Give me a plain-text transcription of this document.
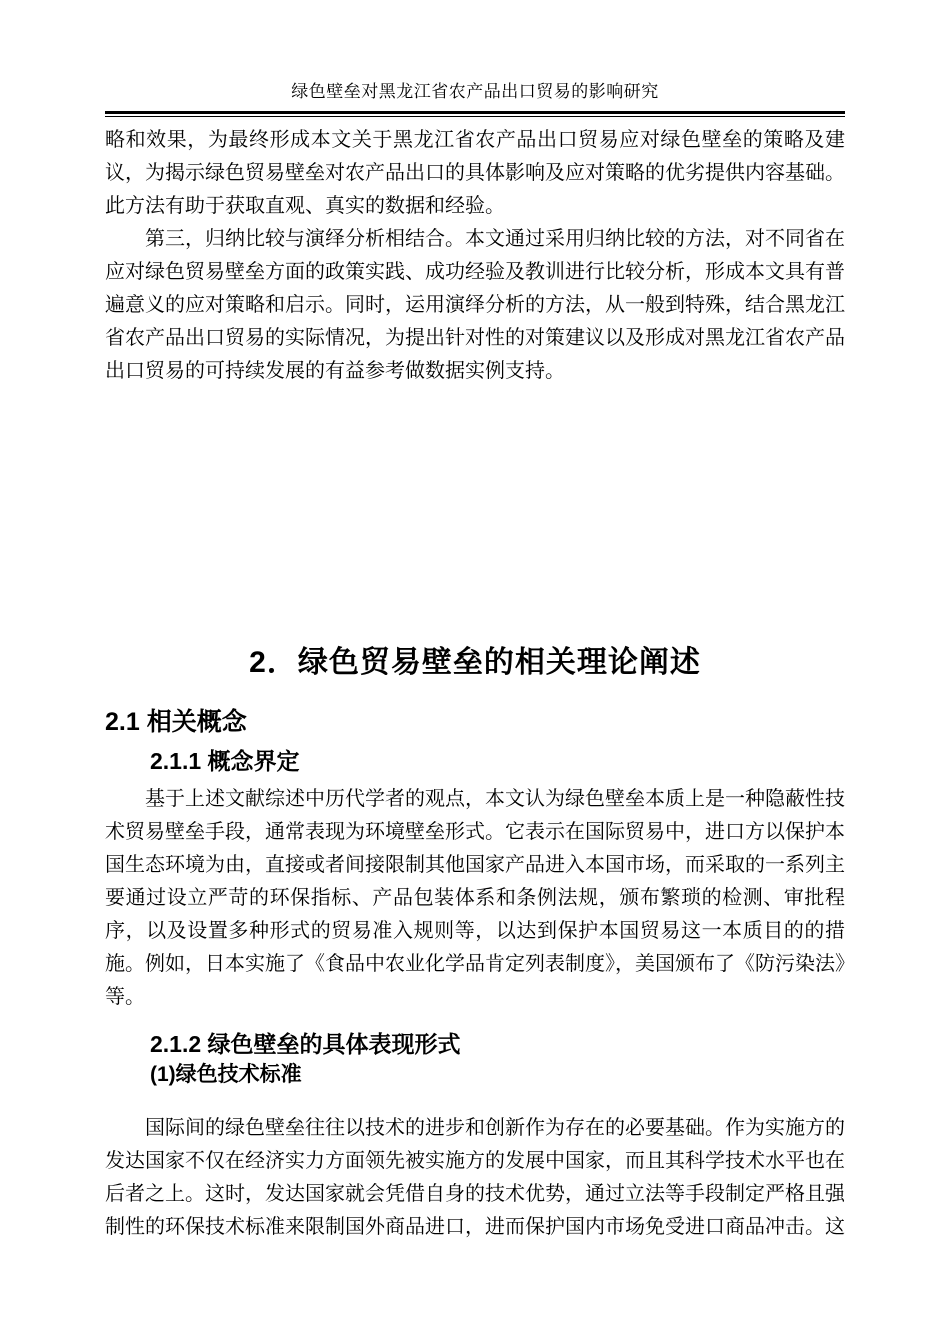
绿色壁垒对黑龙江省农产品出口贸易的影响研究

略和效果，为最终形成本文关于黑龙江省农产品出口贸易应对绿色壁垒的策略及建议，为揭示绿色贸易壁垒对农产品出口的具体影响及应对策略的优劣提供内容基础。此方法有助于获取直观、真实的数据和经验。

第三，归纳比较与演绎分析相结合。本文通过采用归纳比较的方法，对不同省在应对绿色贸易壁垒方面的政策实践、成功经验及教训进行比较分析，形成本文具有普遍意义的应对策略和启示。同时，运用演绎分析的方法，从一般到特殊，结合黑龙江省农产品出口贸易的实际情况，为提出针对性的对策建议以及形成对黑龙江省农产品出口贸易的可持续发展的有益参考做数据实例支持。

2．绿色贸易壁垒的相关理论阐述
2.1 相关概念
2.1.1 概念界定

基于上述文献综述中历代学者的观点，本文认为绿色壁垒本质上是一种隐蔽性技术贸易壁垒手段，通常表现为环境壁垒形式。它表示在国际贸易中，进口方以保护本国生态环境为由，直接或者间接限制其他国家产品进入本国市场，而采取的一系列主要通过设立严苛的环保指标、产品包装体系和条例法规，颁布繁琐的检测、审批程序，以及设置多种形式的贸易准入规则等，以达到保护本国贸易这一本质目的的措施。例如，日本实施了《食品中农业化学品肯定列表制度》，美国颁布了《防污染法》等。

2.1.2 绿色壁垒的具体表现形式
(1)绿色技术标准

国际间的绿色壁垒往往以技术的进步和创新作为存在的必要基础。作为实施方的发达国家不仅在经济实力方面领先被实施方的发展中国家，而且其科学技术水平也在后者之上。这时，发达国家就会凭借自身的技术优势，通过立法等手段制定严格且强制性的环保技术标准来限制国外商品进口，进而保护国内市场免受进口商品冲击。这
